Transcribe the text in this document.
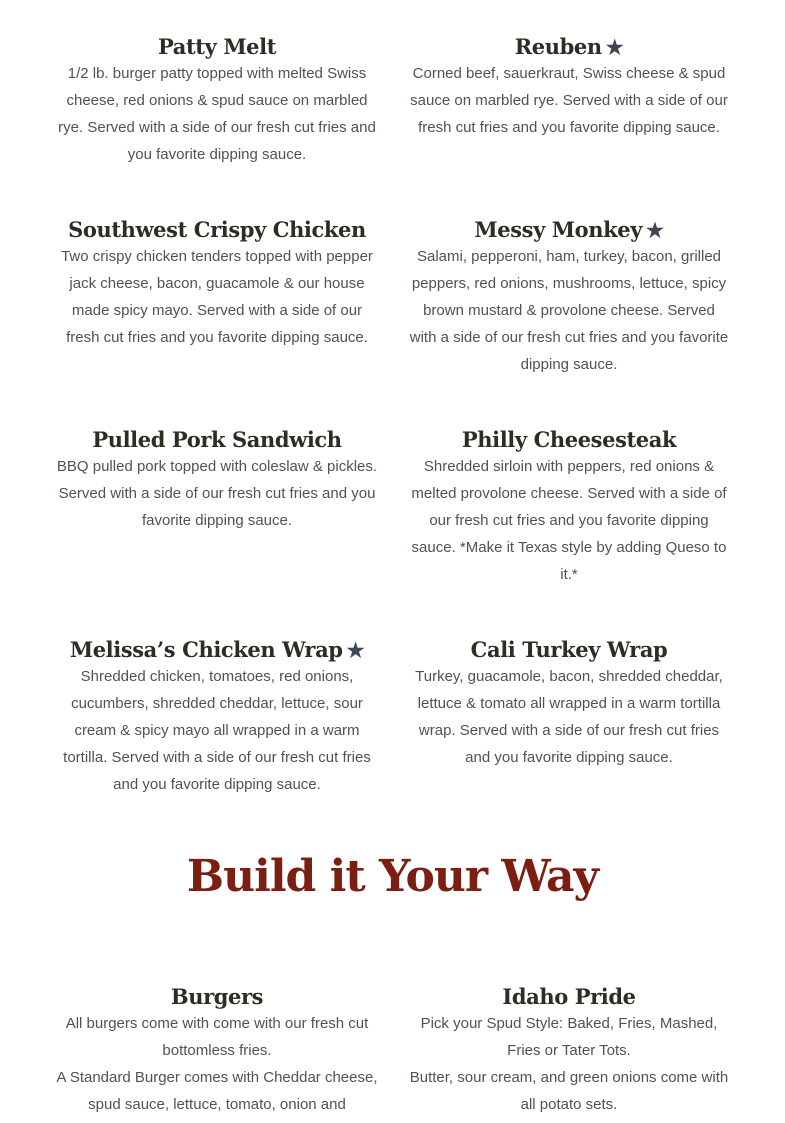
Patty Melt

1/2 lb. burger patty topped with melted Swiss cheese, red onions & spud sauce on marbled rye. Served with a side of our fresh cut fries and you favorite dipping sauce.

Reuben ★

Corned beef, sauerkraut, Swiss cheese & spud sauce on marbled rye. Served with a side of our fresh cut fries and you favorite dipping sauce.

Southwest Crispy Chicken

Two crispy chicken tenders topped with pepper jack cheese, bacon, guacamole & our house made spicy mayo. Served with a side of our fresh cut fries and you favorite dipping sauce.

Messy Monkey ★

Salami, pepperoni, ham, turkey, bacon, grilled peppers, red onions, mushrooms, lettuce, spicy brown mustard & provolone cheese. Served with a side of our fresh cut fries and you favorite dipping sauce.

Pulled Pork Sandwich

BBQ pulled pork topped with coleslaw & pickles. Served with a side of our fresh cut fries and you favorite dipping sauce.

Philly Cheesesteak

Shredded sirloin with peppers, red onions & melted provolone cheese. Served with a side of our fresh cut fries and you favorite dipping sauce. *Make it Texas style by adding Queso to it.*

Melissa’s Chicken Wrap ★

Shredded chicken, tomatoes, red onions, cucumbers, shredded cheddar, lettuce, sour cream & spicy mayo all wrapped in a warm tortilla. Served with a side of our fresh cut fries and you favorite dipping sauce.

Cali Turkey Wrap

Turkey, guacamole, bacon, shredded cheddar, lettuce & tomato all wrapped in a warm tortilla wrap. Served with a side of our fresh cut fries and you favorite dipping sauce.

Build it Your Way
Burgers

All burgers come with come with our fresh cut bottomless fries.

A Standard Burger comes with Cheddar cheese, spud sauce, lettuce, tomato, onion and

Idaho Pride

Pick your Spud Style: Baked, Fries, Mashed, Fries or Tater Tots.

Butter, sour cream, and green onions come with all potato sets.
